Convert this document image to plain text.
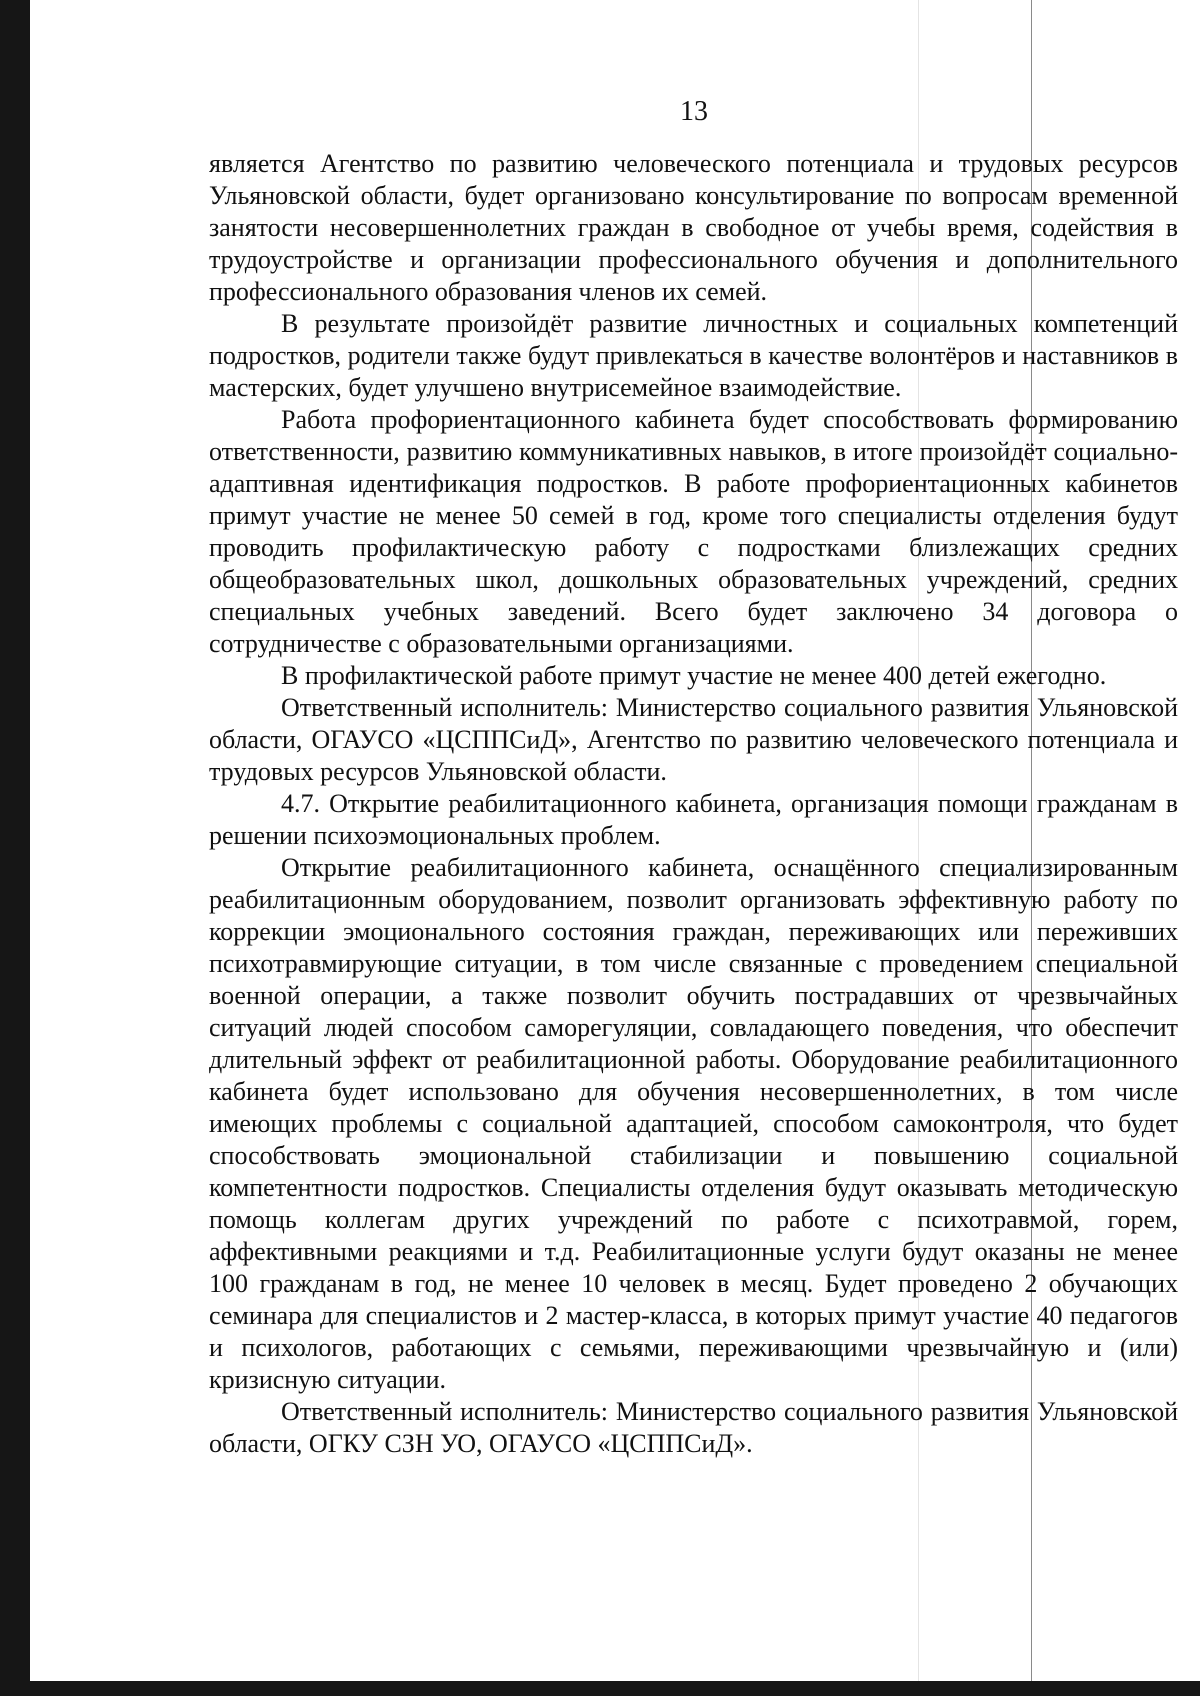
13

является Агентство по развитию человеческого потенциала и трудовых ресурсов Ульяновской области, будет организовано консультирование по вопросам временной занятости несовершеннолетних граждан в свободное от учебы время, содействия в трудоустройстве и организации профессионального обучения и дополнительного профессионального образования членов их семей.

В результате произойдёт развитие личностных и социальных компетенций подростков, родители также будут привлекаться в качестве волонтёров и наставников в мастерских, будет улучшено внутрисемейное взаимодействие.

Работа профориентационного кабинета будет способствовать формированию ответственности, развитию коммуникативных навыков, в итоге произойдёт социально-адаптивная идентификация подростков. В работе профориентационных кабинетов примут участие не менее 50 семей в год, кроме того специалисты отделения будут проводить профилактическую работу с подростками близлежащих средних общеобразовательных школ, дошкольных образовательных учреждений, средних специальных учебных заведений. Всего будет заключено 34 договора о сотрудничестве с образовательными организациями.

В профилактической работе примут участие не менее 400 детей ежегодно.

Ответственный исполнитель: Министерство социального развития Ульяновской области, ОГАУСО «ЦСППСиД», Агентство по развитию человеческого потенциала и трудовых ресурсов Ульяновской области.

4.7. Открытие реабилитационного кабинета, организация помощи гражданам в решении психоэмоциональных проблем.

Открытие реабилитационного кабинета, оснащённого специализированным реабилитационным оборудованием, позволит организовать эффективную работу по коррекции эмоционального состояния граждан, переживающих или переживших психотравмирующие ситуации, в том числе связанные с проведением специальной военной операции, а также позволит обучить пострадавших от чрезвычайных ситуаций людей способом саморегуляции, совладающего поведения, что обеспечит длительный эффект от реабилитационной работы. Оборудование реабилитационного кабинета будет использовано для обучения несовершеннолетних, в том числе имеющих проблемы с социальной адаптацией, способом самоконтроля, что будет способствовать эмоциональной стабилизации и повышению социальной компетентности подростков. Специалисты отделения будут оказывать методическую помощь коллегам других учреждений по работе с психотравмой, горем, аффективными реакциями и т.д. Реабилитационные услуги будут оказаны не менее 100 гражданам в год, не менее 10 человек в месяц. Будет проведено 2 обучающих семинара для специалистов и 2 мастер-класса, в которых примут участие 40 педагогов и психологов, работающих с семьями, переживающими чрезвычайную и (или) кризисную ситуации.

Ответственный исполнитель: Министерство социального развития Ульяновской области, ОГКУ СЗН УО, ОГАУСО «ЦСППСиД».
